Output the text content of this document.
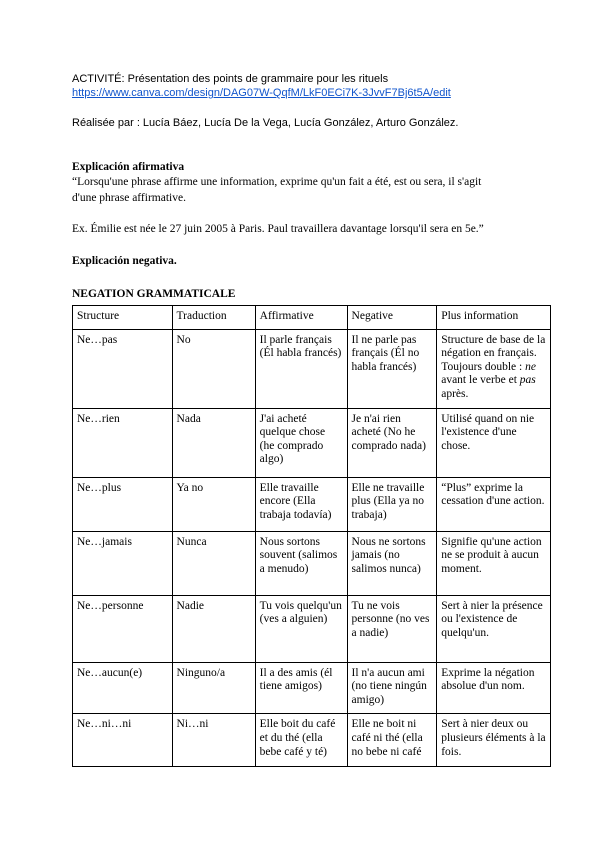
ACTIVITÉ: Présentation des points de grammaire pour les rituels
https://www.canva.com/design/DAG07W-QqfM/LkF0ECi7K-3JvvF7Bj6t5A/edit
Réalisée par : Lucía Báez, Lucía De la Vega, Lucía González, Arturo González.
Explicación afirmativa
“Lorsqu'une phrase affirme une information, exprime qu'un fait a été, est ou sera, il s'agit
d'une phrase affirmative.
Ex. Émilie est née le 27 juin 2005 à Paris. Paul travaillera davantage lorsqu'il sera en 5e.”
Explicación negativa.
NEGATION GRAMMATICALE
Structure	Traduction	Affirmative	Negative	Plus information
Ne…pas	No	Il parle français (Él habla francés)	Il ne parle pas français (Él no habla francés)	Structure de base de la négation en français. Toujours double : ne avant le verbe et pas après.
Ne…rien	Nada	J'ai acheté quelque chose (he comprado algo)	Je n'ai rien acheté (No he comprado nada)	Utilisé quand on nie l'existence d'une chose.
Ne…plus	Ya no	Elle travaille encore (Ella trabaja todavía)	Elle ne travaille plus (Ella ya no trabaja)	“Plus” exprime la cessation d'une action.
Ne…jamais	Nunca	Nous sortons souvent (salimos a menudo)	Nous ne sortons jamais (no salimos nunca)	Signifie qu'une action ne se produit à aucun moment.
Ne…personne	Nadie	Tu vois quelqu'un (ves a alguien)	Tu ne vois personne (no ves a nadie)	Sert à nier la présence ou l'existence de quelqu'un.
Ne…aucun(e)	Ninguno/a	Il a des amis (él tiene amigos)	Il n'a aucun ami (no tiene ningún amigo)	Exprime la négation absolue d'un nom.
Ne…ni…ni	Ni…ni	Elle boit du café et du thé (ella bebe café y té)	Elle ne boit ni café ni thé (ella no bebe ni café	Sert à nier deux ou plusieurs éléments à la fois.
